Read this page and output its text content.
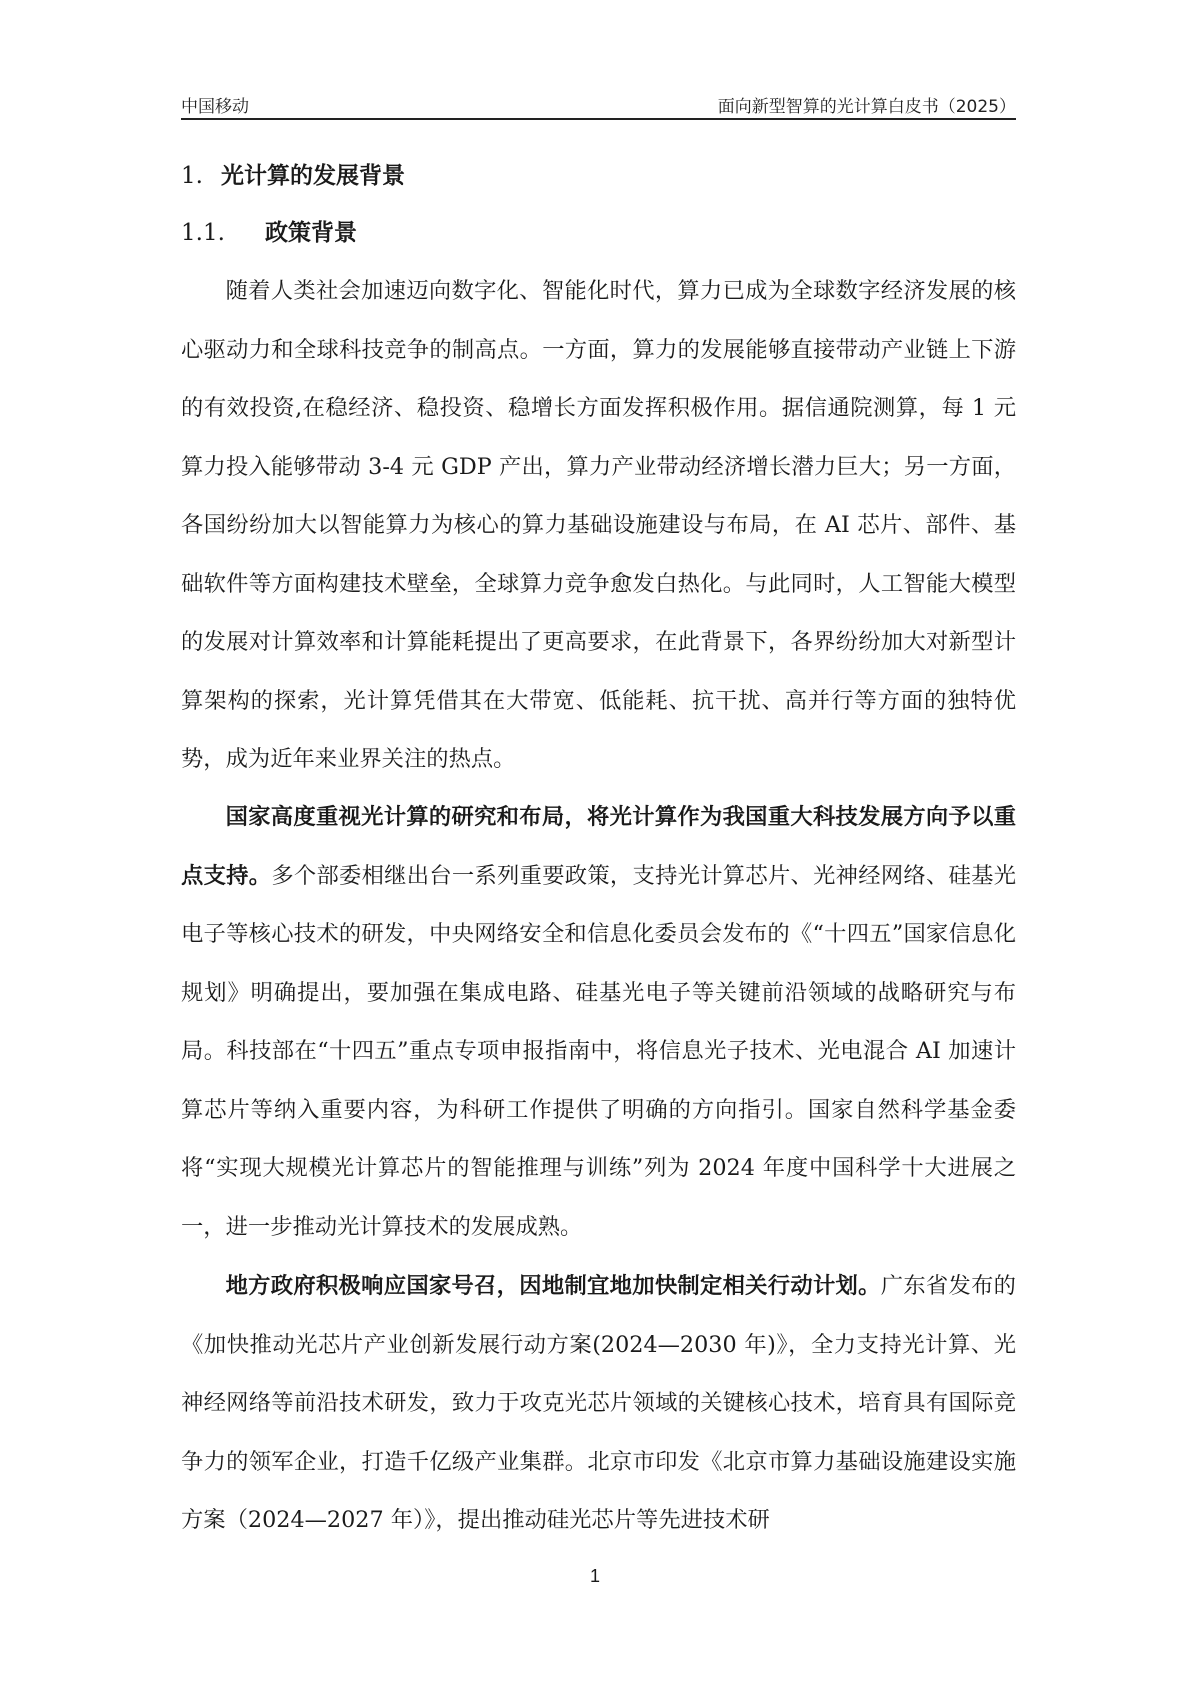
中国移动	面向新型智算的光计算白皮书（2025）
1. 光计算的发展背景
1.1. 政策背景

随着人类社会加速迈向数字化、智能化时代，算力已成为全球数字经济发展的核心驱动力和全球科技竞争的制高点。一方面，算力的发展能够直接带动产业链上下游的有效投资,在稳经济、稳投资、稳增长方面发挥积极作用。据信通院测算，每 1 元算力投入能够带动 3-4 元 GDP 产出，算力产业带动经济增长潜力巨大；另一方面，各国纷纷加大以智能算力为核心的算力基础设施建设与布局，在 AI 芯片、部件、基础软件等方面构建技术壁垒，全球算力竞争愈发白热化。与此同时，人工智能大模型的发展对计算效率和计算能耗提出了更高要求，在此背景下，各界纷纷加大对新型计算架构的探索，光计算凭借其在大带宽、低能耗、抗干扰、高并行等方面的独特优势，成为近年来业界关注的热点。

国家高度重视光计算的研究和布局，将光计算作为我国重大科技发展方向予以重点支持。多个部委相继出台一系列重要政策，支持光计算芯片、光神经网络、硅基光电子等核心技术的研发，中央网络安全和信息化委员会发布的《“十四五”国家信息化规划》明确提出，要加强在集成电路、硅基光电子等关键前沿领域的战略研究与布局。科技部在“十四五”重点专项申报指南中，将信息光子技术、光电混合 AI 加速计算芯片等纳入重要内容，为科研工作提供了明确的方向指引。国家自然科学基金委将“实现大规模光计算芯片的智能推理与训练”列为 2024 年度中国科学十大进展之一，进一步推动光计算技术的发展成熟。

地方政府积极响应国家号召，因地制宜地加快制定相关行动计划。广东省发布的《加快推动光芯片产业创新发展行动方案(2024—2030 年)》，全力支持光计算、光神经网络等前沿技术研发，致力于攻克光芯片领域的关键核心技术，培育具有国际竞争力的领军企业，打造千亿级产业集群。北京市印发《北京市算力基础设施建设实施方案（2024—2027 年）》，提出推动硅光芯片等先进技术研

1
